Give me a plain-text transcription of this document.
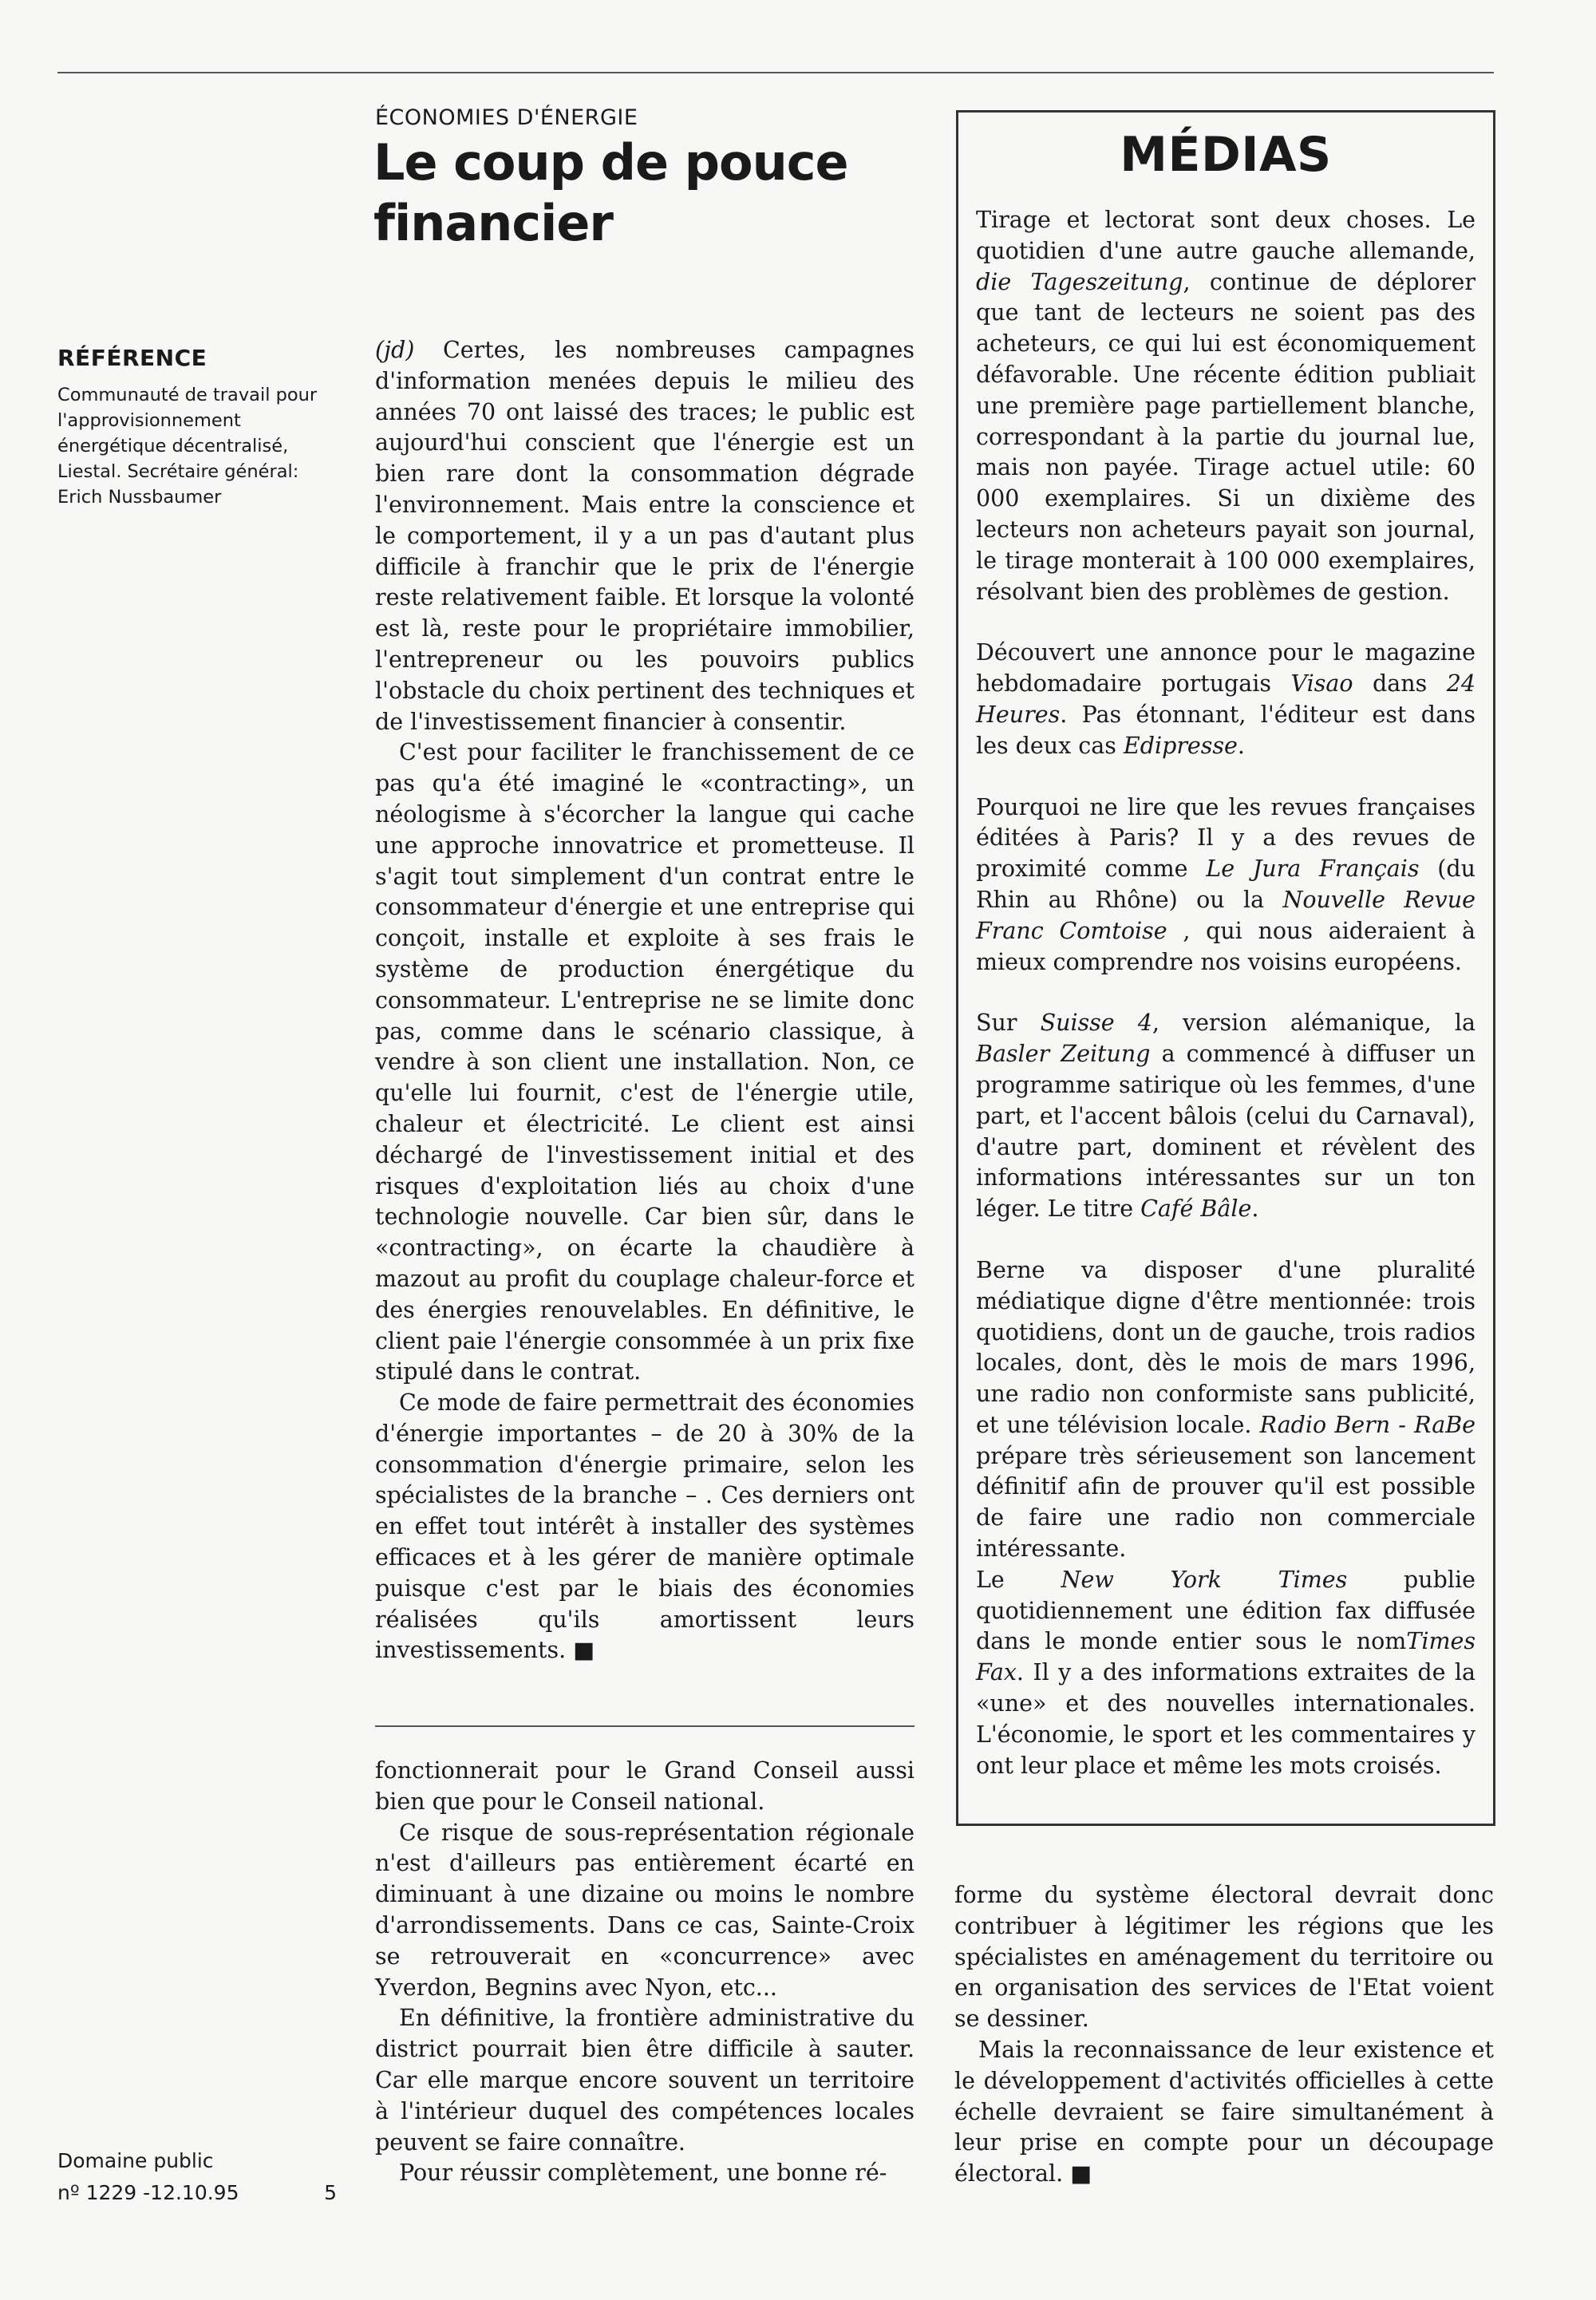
RÉFÉRENCE

Communauté de travail pour l'approvisionnement énergétique décentralisé, Liestal. Secrétaire général: Erich Nussbaumer

Domaine public
nº 1229 -12.10.95	5
ÉCONOMIES D'ÉNERGIE
Le coup de pouce financier

(jd) Certes, les nombreuses campagnes d'information menées depuis le milieu des années 70 ont laissé des traces; le public est aujourd'hui conscient que l'énergie est un bien rare dont la consommation dégrade l'environnement. Mais entre la conscience et le comportement, il y a un pas d'autant plus difficile à franchir que le prix de l'énergie reste relativement faible. Et lorsque la volonté est là, reste pour le propriétaire immobilier, l'entrepreneur ou les pouvoirs publics l'obstacle du choix pertinent des techniques et de l'investissement financier à consentir.

C'est pour faciliter le franchissement de ce pas qu'a été imaginé le «contracting», un néologisme à s'écorcher la langue qui cache une approche innovatrice et prometteuse. Il s'agit tout simplement d'un contrat entre le consommateur d'énergie et une entreprise qui conçoit, installe et exploite à ses frais le système de production énergétique du consommateur. L'entreprise ne se limite donc pas, comme dans le scénario classique, à vendre à son client une installation. Non, ce qu'elle lui fournit, c'est de l'énergie utile, chaleur et électricité. Le client est ainsi déchargé de l'investissement initial et des risques d'exploitation liés au choix d'une technologie nouvelle. Car bien sûr, dans le «contracting», on écarte la chaudière à mazout au profit du couplage chaleur-force et des énergies renouvelables. En définitive, le client paie l'énergie consommée à un prix fixe stipulé dans le contrat.

Ce mode de faire permettrait des économies d'énergie importantes – de 20 à 30% de la consommation d'énergie primaire, selon les spécialistes de la branche – . Ces derniers ont en effet tout intérêt à installer des systèmes efficaces et à les gérer de manière optimale puisque c'est par le biais des économies réalisées qu'ils amortissent leurs investissements. ■

fonctionnerait pour le Grand Conseil aussi bien que pour le Conseil national.

Ce risque de sous-représentation régionale n'est d'ailleurs pas entièrement écarté en diminuant à une dizaine ou moins le nombre d'arrondissements. Dans ce cas, Sainte-Croix se retrouverait en «concurrence» avec Yverdon, Begnins avec Nyon, etc...

En définitive, la frontière administrative du district pourrait bien être difficile à sauter. Car elle marque encore souvent un territoire à l'intérieur duquel des compétences locales peuvent se faire connaître.

Pour réussir complètement, une bonne ré-

forme du système électoral devrait donc contribuer à légitimer les régions que les spécialistes en aménagement du territoire ou en organisation des services de l'Etat voient se dessiner.

Mais la reconnaissance de leur existence et le développement d'activités officielles à cette échelle devraient se faire simultanément à leur prise en compte pour un découpage électoral. ■

MÉDIAS

Tirage et lectorat sont deux choses. Le quotidien d'une autre gauche allemande, die Tageszeitung, continue de déplorer que tant de lecteurs ne soient pas des acheteurs, ce qui lui est économiquement défavorable. Une récente édition publiait une première page partiellement blanche, correspondant à la partie du journal lue, mais non payée. Tirage actuel utile: 60 000 exemplaires. Si un dixième des lecteurs non acheteurs payait son journal, le tirage monterait à 100 000 exemplaires, résolvant bien des problèmes de gestion.

Découvert une annonce pour le magazine hebdomadaire portugais Visao dans 24 Heures. Pas étonnant, l'éditeur est dans les deux cas Edipresse.

Pourquoi ne lire que les revues françaises éditées à Paris? Il y a des revues de proximité comme Le Jura Français (du Rhin au Rhône) ou la Nouvelle Revue Franc Comtoise , qui nous aideraient à mieux comprendre nos voisins européens.

Sur Suisse 4, version alémanique, la Basler Zeitung a commencé à diffuser un programme satirique où les femmes, d'une part, et l'accent bâlois (celui du Carnaval), d'autre part, dominent et révèlent des informations intéressantes sur un ton léger. Le titre Café Bâle.

Berne va disposer d'une pluralité médiatique digne d'être mentionnée: trois quotidiens, dont un de gauche, trois radios locales, dont, dès le mois de mars 1996, une radio non conformiste sans publicité, et une télévision locale. Radio Bern - RaBe prépare très sérieusement son lancement définitif afin de prouver qu'il est possible de faire une radio non commerciale intéressante.

Le New York Times publie quotidiennement une édition fax diffusée dans le monde entier sous le nomTimes Fax. Il y a des informations extraites de la «une» et des nouvelles internationales. L'économie, le sport et les commentaires y ont leur place et même les mots croisés.
